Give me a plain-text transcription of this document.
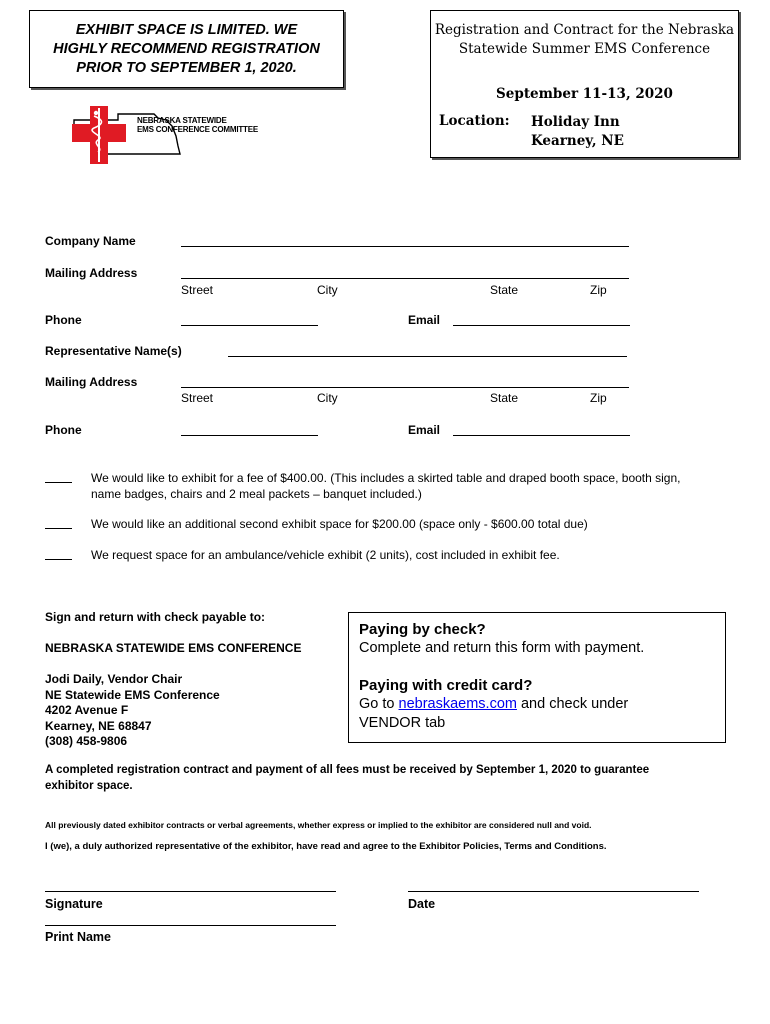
EXHIBIT SPACE IS LIMITED. WE
HIGHLY RECOMMEND REGISTRATION
PRIOR TO SEPTEMBER 1, 2020.
Registration and Contract for the Nebraska
Statewide Summer EMS Conference
September 11-13, 2020
Location: Holiday Inn
Kearney, NE
NEBRASKA STATEWIDE
EMS CONFERENCE COMMITTEE
Company Name
Mailing Address
Street	City	State	Zip
Phone	Email
Representative Name(s)
Mailing Address
Street	City	State	Zip
Phone	Email
We would like to exhibit for a fee of $400.00. (This includes a skirted table and draped booth space, booth sign,
name badges, chairs and 2 meal packets – banquet included.)
We would like an additional second exhibit space for $200.00 (space only - $600.00 total due)
We request space for an ambulance/vehicle exhibit (2 units), cost included in exhibit fee.
Sign and return with check payable to:
NEBRASKA STATEWIDE EMS CONFERENCE
Jodi Daily, Vendor Chair
NE Statewide EMS Conference
4202 Avenue F
Kearney, NE 68847
(308) 458-9806
Paying by check?
Complete and return this form with payment.
Paying with credit card?
Go to nebraskaems.com and check under
VENDOR tab
A completed registration contract and payment of all fees must be received by September 1, 2020 to guarantee
exhibitor space.
All previously dated exhibitor contracts or verbal agreements, whether express or implied to the exhibitor are considered null and void.
I (we), a duly authorized representative of the exhibitor, have read and agree to the Exhibitor Policies, Terms and Conditions.
Signature	Date
Print Name
